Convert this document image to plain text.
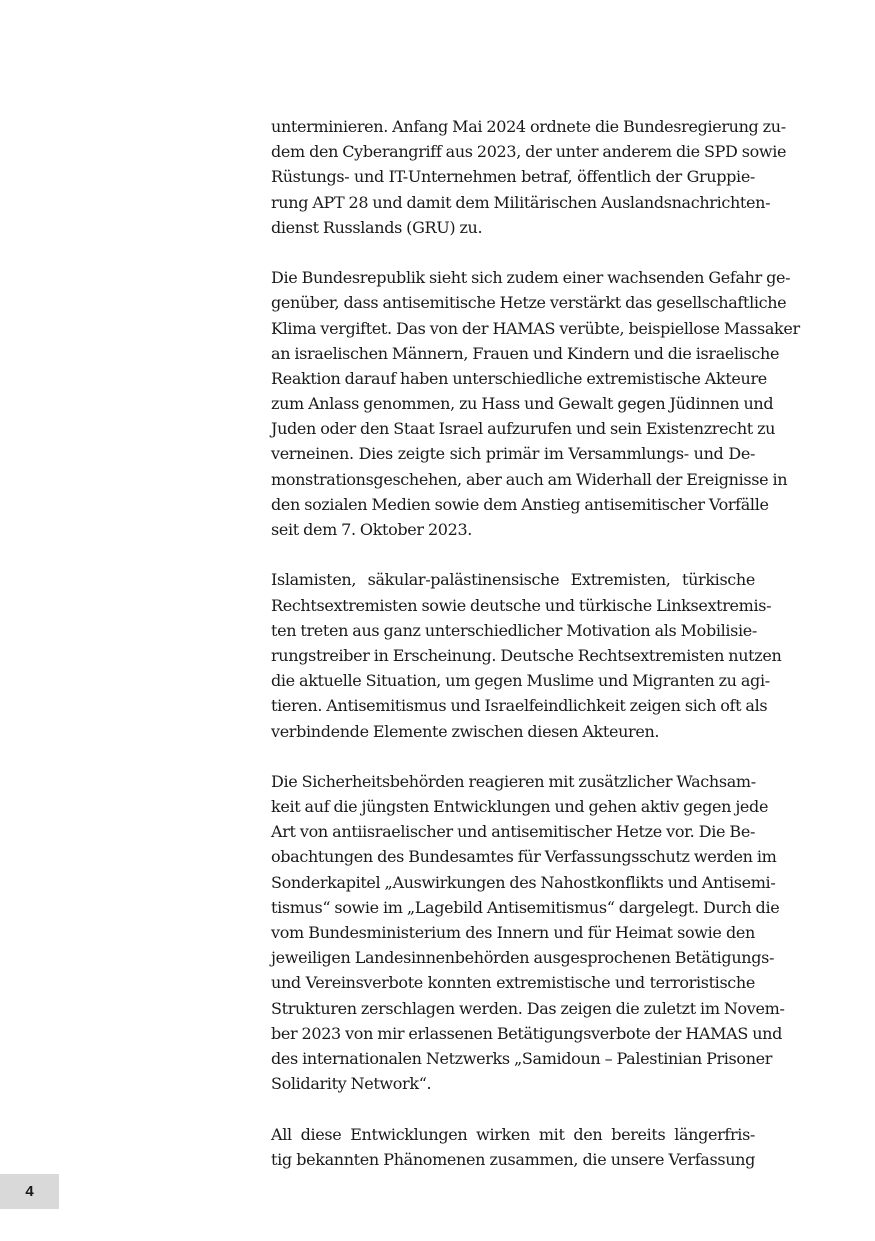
unterminieren. Anfang Mai 2024 ordnete die Bundesregierung zu-
dem den Cyberangriff aus 2023, der unter anderem die SPD sowie
Rüstungs- und IT-Unternehmen betraf, öffentlich der Gruppie-
rung APT 28 und damit dem Militärischen Auslandsnachrichten-
dienst Russlands (GRU) zu.
Die Bundesrepublik sieht sich zudem einer wachsenden Gefahr ge-
genüber, dass antisemitische Hetze verstärkt das gesellschaftliche
Klima vergiftet. Das von der HAMAS verübte, beispiellose Massaker
an israelischen Männern, Frauen und Kindern und die israelische
Reaktion darauf haben unterschiedliche extremistische Akteure
zum Anlass genommen, zu Hass und Gewalt gegen Jüdinnen und
Juden oder den Staat Israel aufzurufen und sein Existenzrecht zu
verneinen. Dies zeigte sich primär im Versammlungs- und De-
monstrationsgeschehen, aber auch am Widerhall der Ereignisse in
den sozialen Medien sowie dem Anstieg antisemitischer Vorfälle
seit dem 7. Oktober 2023.
Islamisten, säkular-palästinensische Extremisten, türkische
Rechtsextremisten sowie deutsche und türkische Linksextremis-
ten treten aus ganz unterschiedlicher Motivation als Mobilisie-
rungstreiber in Erscheinung. Deutsche Rechtsextremisten nutzen
die aktuelle Situation, um gegen Muslime und Migranten zu agi-
tieren. Antisemitismus und Israelfeindlichkeit zeigen sich oft als
verbindende Elemente zwischen diesen Akteuren.
Die Sicherheitsbehörden reagieren mit zusätzlicher Wachsam-
keit auf die jüngsten Entwicklungen und gehen aktiv gegen jede
Art von antiisraelischer und antisemitischer Hetze vor. Die Be-
obachtungen des Bundesamtes für Verfassungsschutz werden im
Sonderkapitel „Auswirkungen des Nahostkonflikts und Antisemi-
tismus“ sowie im „Lagebild Antisemitismus“ dargelegt. Durch die
vom Bundesministerium des Innern und für Heimat sowie den
jeweiligen Landesinnenbehörden ausgesprochenen Betätigungs-
und Vereinsverbote konnten extremistische und terroristische
Strukturen zerschlagen werden. Das zeigen die zuletzt im Novem-
ber 2023 von mir erlassenen Betätigungsverbote der HAMAS und
des internationalen Netzwerks „Samidoun – Palestinian Prisoner
Solidarity Network“.
All diese Entwicklungen wirken mit den bereits längerfris-
tig bekannten Phänomenen zusammen, die unsere Verfassung
4
